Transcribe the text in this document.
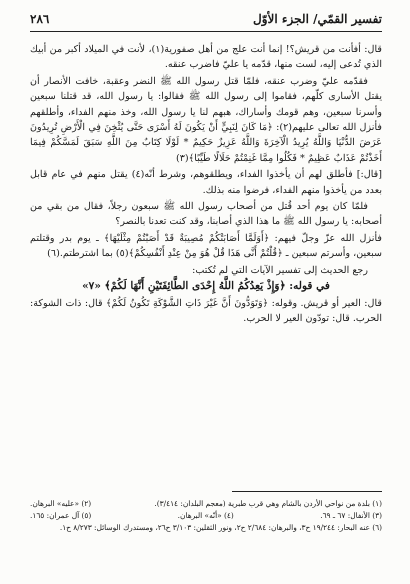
تفسير القمّي/ الجزء الأوّل
٢٨٦

قال: أفأنت من قريش؟! إنما أنت علج من أهل صفورية(١)، لأنت في الميلاد أكبر من أبيك الذي تُدعى إليه، لست منها، قدّمه يا عليّ فاضرب عنقه.

فقدّمه عليّ وضرب عنقه، فلمّا قتل رسول الله ﷺ النضر وعقبة، خافت الأنصار أن يقتل الأسارى كلّهم، فقاموا إلى رسول الله ﷺ فقالوا: يا رسول الله، قد قتلنا سبعين وأسرنا سبعين، وهم قومك وأساراك، هبهم لنا يا رسول الله، وخذ منهم الفداء، وأطلقهم فأنزل الله تعالى عليهم(٢): ﴿مَا كَانَ لِنَبِيٍّ أَنْ يَكُونَ لَهُ أَسْرَى حَتَّى يُثْخِنَ فِي الْأَرْضِ تُرِيدُونَ عَرَضَ الدُّنْيَا وَاللَّهُ يُرِيدُ الْآخِرَةَ وَاللَّهُ عَزِيزٌ حَكِيمٌ * لَوْلَا كِتَابٌ مِنَ اللَّهِ سَبَقَ لَمَسَّكُمْ فِيمَا أَخَذْتُمْ عَذَابٌ عَظِيمٌ * فَكُلُوا مِمَّا غَنِمْتُمْ حَلَالًا طَيِّبًا﴾(٣)

[قال:] فأطلق لهم أن يأخذوا الفداء، ويطلقوهم، وشرط أنّه(٤) يقتل منهم في عام قابل بعدد من يأخذوا منهم الفداء، فرضوا منه بذلك.

فلمّا كان يوم أحد قُتل من أصحاب رسول الله ﷺ سبعون رجلاً، فقال من بقي من أصحابه: يا رسول الله ﷺ ما هذا الذي أصابنا، وقد كنت تعدنا بالنصر؟

فأنزل الله عزّ وجلّ فيهم: ﴿أَوَلَمَّا أَصَابَتْكُمْ مُصِيبَةٌ قَدْ أَصَبْتُمْ مِثْلَيْهَا﴾ ـ يوم بدر وقتلتم سبعين، وأسرتم سبعين ـ ﴿قُلْتُمْ أَنَّى هَذَا قُلْ هُوَ مِنْ عِنْدِ أَنْفُسِكُمْ﴾(٥) بما اشترطتم.(٦)

رجع الحديث إلى تفسير الآيات التي لم تُكتب:

في قوله: ﴿وَإِذْ يَعِدُكُمُ اللَّهُ إِحْدَى الطَّائِفَتَيْنِ أَنَّهَا لَكُمْ﴾ «٧»

قال: العير أو قريش. وقوله: ﴿وَتَوَدُّونَ أَنَّ غَيْرَ ذَاتِ الشَّوْكَةِ تَكُونُ لَكُمْ﴾ قال: ذات الشوكة: الحرب. قال: تودّون العير لا الحرب.

(١) بلدة من نواحي الأردن بالشام وهي قرب طبرية (معجم البلدان: ٣/٤١٤).
(٢) «عليه» البرهان.
(٣) الأنفال: ٦٧ ـ ٦٩.
(٤) «أنّه» البرهان.
(٥) آل عمران: ١٦٥.
(٦) عنه البحار: ١٩/٢٤٤ ح٣، والبرهان: ٢/٦٨٤ ح٢، ونور الثقلين: ٣/١٠٣ ح٢٦، ومستدرك الوسائل: ٨/٢٧٣ ح١.
